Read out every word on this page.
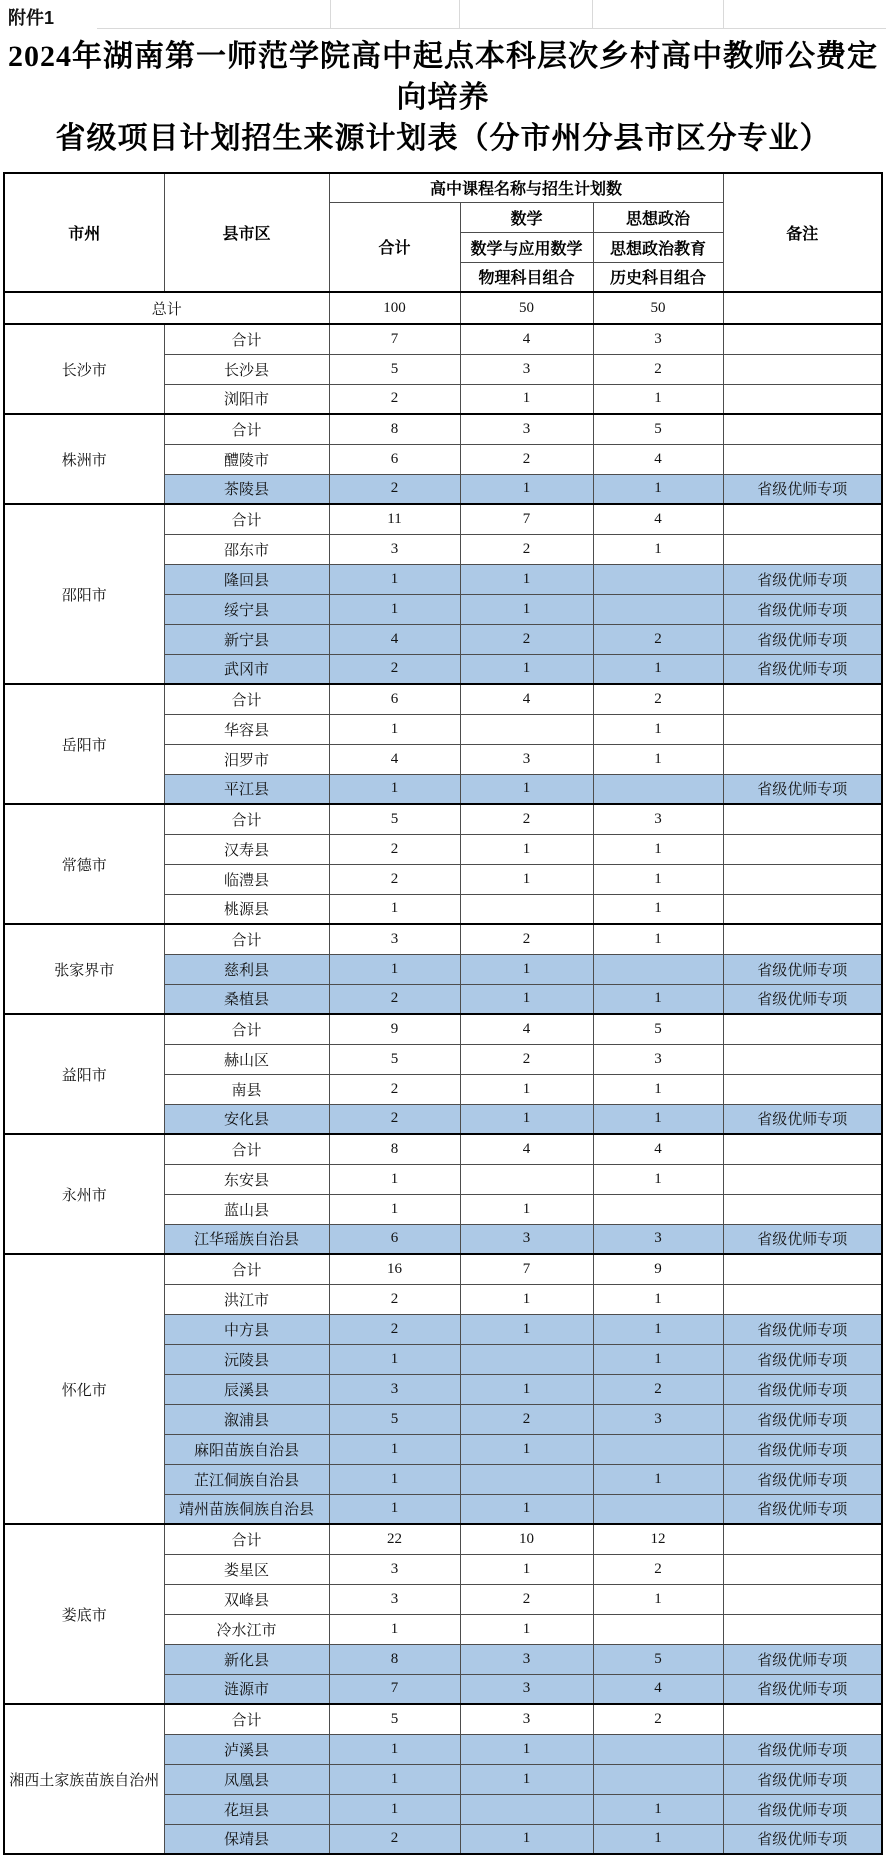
附件1
2024年湖南第一师范学院高中起点本科层次乡村高中教师公费定向培养
省级项目计划招生来源计划表（分市州分县市区分专业）
市州	县市区	高中课程名称与招生计划数			备注
		合计	数学	思想政治	
			数学与应用数学	思想政治教育	
			物理科目组合	历史科目组合	
总计		100	50	50	
长沙市	合计	7	4	3	
	长沙县	5	3	2	
	浏阳市	2	1	1	
株洲市	合计	8	3	5	
	醴陵市	6	2	4	
	茶陵县	2	1	1	省级优师专项
邵阳市	合计	11	7	4	
	邵东市	3	2	1	
	隆回县	1	1		省级优师专项
	绥宁县	1	1		省级优师专项
	新宁县	4	2	2	省级优师专项
	武冈市	2	1	1	省级优师专项
岳阳市	合计	6	4	2	
	华容县	1		1	
	汨罗市	4	3	1	
	平江县	1	1		省级优师专项
常德市	合计	5	2	3	
	汉寿县	2	1	1	
	临澧县	2	1	1	
	桃源县	1		1	
张家界市	合计	3	2	1	
	慈利县	1	1		省级优师专项
	桑植县	2	1	1	省级优师专项
益阳市	合计	9	4	5	
	赫山区	5	2	3	
	南县	2	1	1	
	安化县	2	1	1	省级优师专项
永州市	合计	8	4	4	
	东安县	1		1	
	蓝山县	1	1		
	江华瑶族自治县	6	3	3	省级优师专项
怀化市	合计	16	7	9	
	洪江市	2	1	1	
	中方县	2	1	1	省级优师专项
	沅陵县	1		1	省级优师专项
	辰溪县	3	1	2	省级优师专项
	溆浦县	5	2	3	省级优师专项
	麻阳苗族自治县	1	1		省级优师专项
	芷江侗族自治县	1		1	省级优师专项
	靖州苗族侗族自治县	1	1		省级优师专项
娄底市	合计	22	10	12	
	娄星区	3	1	2	
	双峰县	3	2	1	
	冷水江市	1	1		
	新化县	8	3	5	省级优师专项
	涟源市	7	3	4	省级优师专项
湘西土家族苗族自治州	合计	5	3	2	
	泸溪县	1	1		省级优师专项
	凤凰县	1	1		省级优师专项
	花垣县	1		1	省级优师专项
	保靖县	2	1	1	省级优师专项
